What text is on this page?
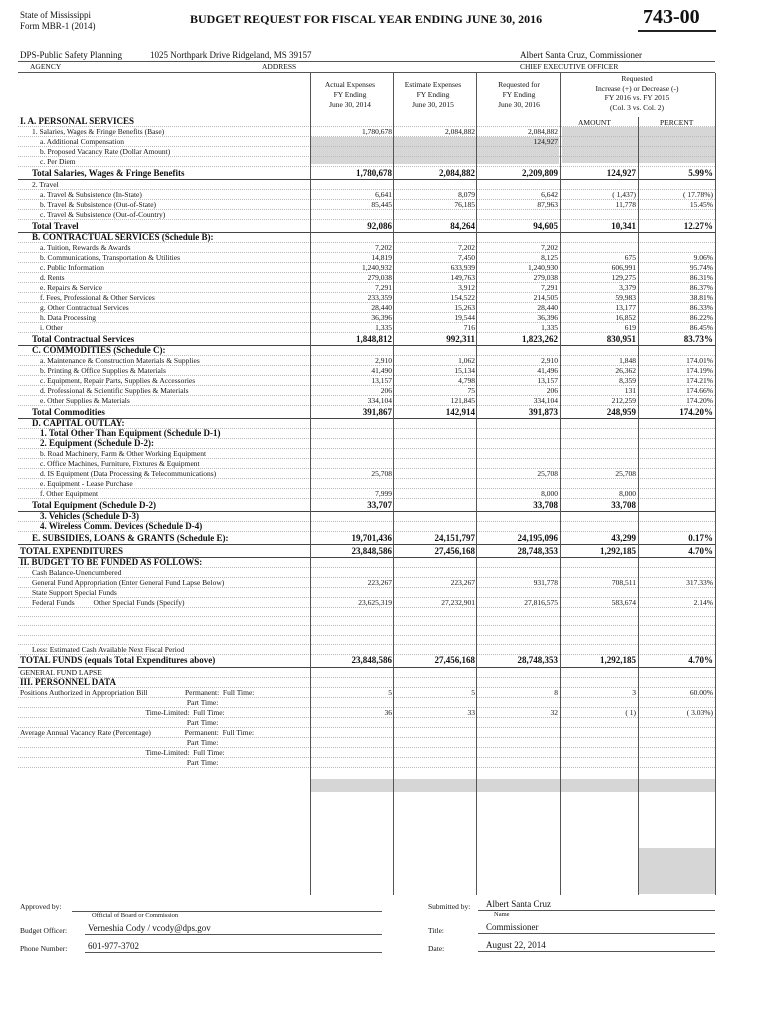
State of Mississippi
Form MBR-1 (2014)	BUDGET REQUEST FOR FISCAL YEAR ENDING JUNE 30, 2016	743-00
DPS-Public Safety Planning	1025 Northpark Drive Ridgeland, MS 39157	Albert Santa Cruz, Commissioner
AGENCY	ADDRESS	CHIEF EXECUTIVE OFFICER
Actual Expenses
FY Ending
June 30, 2014
Estimate Expenses
FY Ending
June 30, 2015
Requested for
FY Ending
June 30, 2016
Requested
Increase (+) or Decrease (-)
FY 2016 vs. FY 2015
(Col. 3 vs. Col. 2)
AMOUNT	PERCENT
I. A. PERSONAL SERVICES					
1. Salaries, Wages & Fringe Benefits (Base)	1,780,678	2,084,882	2,084,882		
a. Additional Compensation			124,927		
b. Proposed Vacancy Rate (Dollar Amount)					
c. Per Diem					
Total Salaries, Wages & Fringe Benefits	1,780,678	2,084,882	2,209,809	124,927	5.99%
2. Travel					
a. Travel & Subsistence (In-State)	6,641	8,079	6,642	( 1,437)	( 17.78%)
b. Travel & Subsistence (Out-of-State)	85,445	76,185	87,963	11,778	15.45%
c. Travel & Subsistence (Out-of-Country)					
Total Travel	92,086	84,264	94,605	10,341	12.27%
B. CONTRACTUAL SERVICES (Schedule B):					
a. Tuition, Rewards & Awards	7,202	7,202	7,202		
b. Communications, Transportation & Utilities	14,819	7,450	8,125	675	9.06%
c. Public Information	1,240,932	633,939	1,240,930	606,991	95.74%
d. Rents	279,038	149,763	279,038	129,275	86.31%
e. Repairs & Service	7,291	3,912	7,291	3,379	86.37%
f. Fees, Professional & Other Services	233,359	154,522	214,505	59,983	38.81%
g. Other Contractual Services	28,440	15,263	28,440	13,177	86.33%
h. Data Processing	36,396	19,544	36,396	16,852	86.22%
i. Other	1,335	716	1,335	619	86.45%
Total Contractual Services	1,848,812	992,311	1,823,262	830,951	83.73%
C. COMMODITIES (Schedule C):					
a. Maintenance & Construction Materials & Supplies	2,910	1,062	2,910	1,848	174.01%
b. Printing & Office Supplies & Materials	41,490	15,134	41,496	26,362	174.19%
c. Equipment, Repair Parts, Supplies & Accessories	13,157	4,798	13,157	8,359	174.21%
d. Professional & Scientific Supplies & Materials	206	75	206	131	174.66%
e. Other Supplies & Materials	334,104	121,845	334,104	212,259	174.20%
Total Commodities	391,867	142,914	391,873	248,959	174.20%
D. CAPITAL OUTLAY:					
1. Total Other Than Equipment (Schedule D-1)					
2. Equipment (Schedule D-2):					
b. Road Machinery, Farm & Other Working Equipment					
c. Office Machines, Furniture, Fixtures & Equipment					
d. IS Equipment (Data Processing & Telecommunications)	25,708		25,708	25,708	
e. Equipment - Lease Purchase					
f. Other Equipment	7,999		8,000	8,000	
Total Equipment (Schedule D-2)	33,707		33,708	33,708	
3. Vehicles (Schedule D-3)					
4. Wireless Comm. Devices (Schedule D-4)					
E. SUBSIDIES, LOANS & GRANTS (Schedule E):	19,701,436	24,151,797	24,195,096	43,299	0.17%
TOTAL EXPENDITURES	23,848,586	27,456,168	28,748,353	1,292,185	4.70%
II. BUDGET TO BE FUNDED AS FOLLOWS:					
Cash Balance-Unencumbered					
General Fund Appropriation (Enter General Fund Lapse Below)	223,267	223,267	931,778	708,511	317.33%
State Support Special Funds					
Federal Funds          Other Special Funds (Specify)	23,625,319	27,232,901	27,816,575	583,674	2.14%

Less: Estimated Cash Available Next Fiscal Period					
TOTAL FUNDS (equals Total Expenditures above)	23,848,586	27,456,168	28,748,353	1,292,185	4.70%
GENERAL FUND LAPSE					
III. PERSONNEL DATA					
Positions Authorized in Appropriation Bill                    Permanent:  Full Time:	5	5	8	3	60.00%
Part Time:					
Time-Limited:  Full Time:	36	33	32	( 1)	( 3.03%)
Part Time:					
Average Annual Vacancy Rate (Percentage)                  Permanent:  Full Time:					
Part Time:					
Time-Limited:  Full Time:					
Part Time:					
Approved by:
Official of Board or Commission
Budget Officer: Verneshia Cody / vcody@dps.gov
Phone Number: 601-977-3702
Submitted by: Albert Santa Cruz
Name
Title:	Commissioner
Date:	August 22, 2014
